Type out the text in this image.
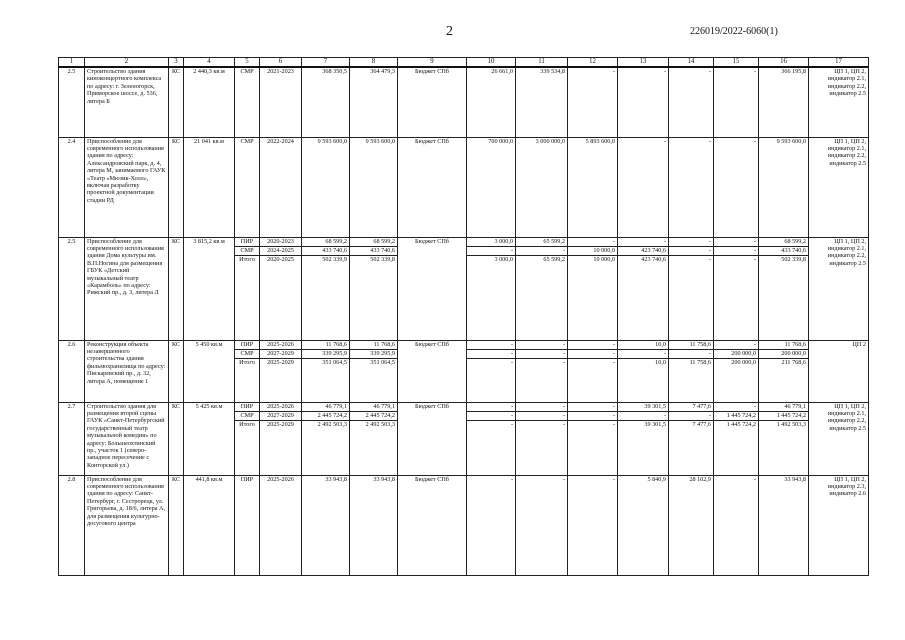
2	226019/2022-6060(1)
1	2	3	4	5	6	7	8	9	10	11	12	13	14	15	16	17
2.5	Строительство здания киноконцертного комплекса по адресу: г. Зеленогорск, Приморское шоссе, д. 536, литера Б	КС	2 440,3 кв.м	СМР	2021-2023	368 350,5	364 479,3	Бюджет СПб	26 661,0	339 534,8	-	-	-	-	366 195,8	ЦП 1, ЦП 2, индикатор 2.1, индикатор 2.2, индикатор 2.5
2.4	Приспособление для современного использования здания по адресу: Александровский парк, д. 4, литера М, занимаемого ГАУК «Театр «Мюзик-Холл», включая разработку проектной документации стадии РД	КС	21 041 кв.м	СМР	2022-2024	9 593 600,0	9 593 600,0	Бюджет СПб	700 000,0	3 000 000,0	5 893 600,0	-	-	-	9 593 600,0	ЦП 1, ЦП 2, индикатор 2.1, индикатор 2.2, индикатор 2.5
2.5	Приспособление для современного использования здания Дома культуры им. В.П.Ногина для размещения ГБУК «Детский музыкальный театр «Карамболь» по адресу: Рижский пр., д. 3, литера Л	КС	3 815,2 кв.м	ПИР	2020-2023	68 599,2	68 599,2	Бюджет СПб	3 000,0	65 599,2	-	-	-	-	68 599,2	ЦП 1, ЦП 2, индикатор 2.1, индикатор 2.2, индикатор 2.5
				СМР	2024-2025	433 740,6	433 740,6		-	-	10 000,0	423 740,6	-	-	433 740,6	
				Итого	2020-2025	502 339,9	502 339,8		3 000,0	65 599,2	10 000,0	423 740,6	-	-	502 339,8	
2.6	Реконструкция объекта незавершенного строительства здания фильмохранилища по адресу: Пискаревский пр., д. 32, литера А, помещение 1	КС	5 450 кв.м	ПИР	2025-2026	11 768,6	11 768,6	Бюджет СПб	-	-	-	10,0	11 758,6	-	11 768,6	ЦП 2
				СМР	2027-2029	339 295,9	339 295,9		-	-	-	-	-	200 000,0	200 000,0	
				Итого	2025-2029	351 064,5	351 064,5		-	-	-	10,0	11 758,6	200 000,0	211 768,6	
2.7	Строительство здания для размещения второй сцены ГАУК «Санкт-Петербургский государственный театр музыкальной комедии» по адресу: Большеохтинский пр., участок 1 (северо-западное пересечение с Конторской ул.)	КС	5 425 кв.м	ПИР	2025-2026	46 779,1	46 779,1	Бюджет СПб	-	-	-	39 301,5	7 477,6	-	46 779,1	ЦП 1, ЦП 2, индикатор 2.1, индикатор 2.2, индикатор 2.5
				СМР	2027-2029	2 445 724,2	2 445 724,2		-	-	-	-	-	1 445 724,2	1 445 724,2	
				Итого	2025-2029	2 492 503,3	2 492 503,3		-	-	-	39 301,5	7 477,6	1 445 724,2	1 492 503,3	
2.8	Приспособление для современного использования здания по адресу: Санкт-Петербург, г. Сестрорецк, ул. Григорьева, д. 18/6, литера А, для размещения культурно-досугового центра	КС	441,8 кв.м	ПИР	2025-2026	33 943,8	33 943,8	Бюджет СПб	-	-	-	5 840,9	28 102,9	-	33 943,8	ЦП 1, ЦП 2, индикатор 2.3, индикатор 2.6
